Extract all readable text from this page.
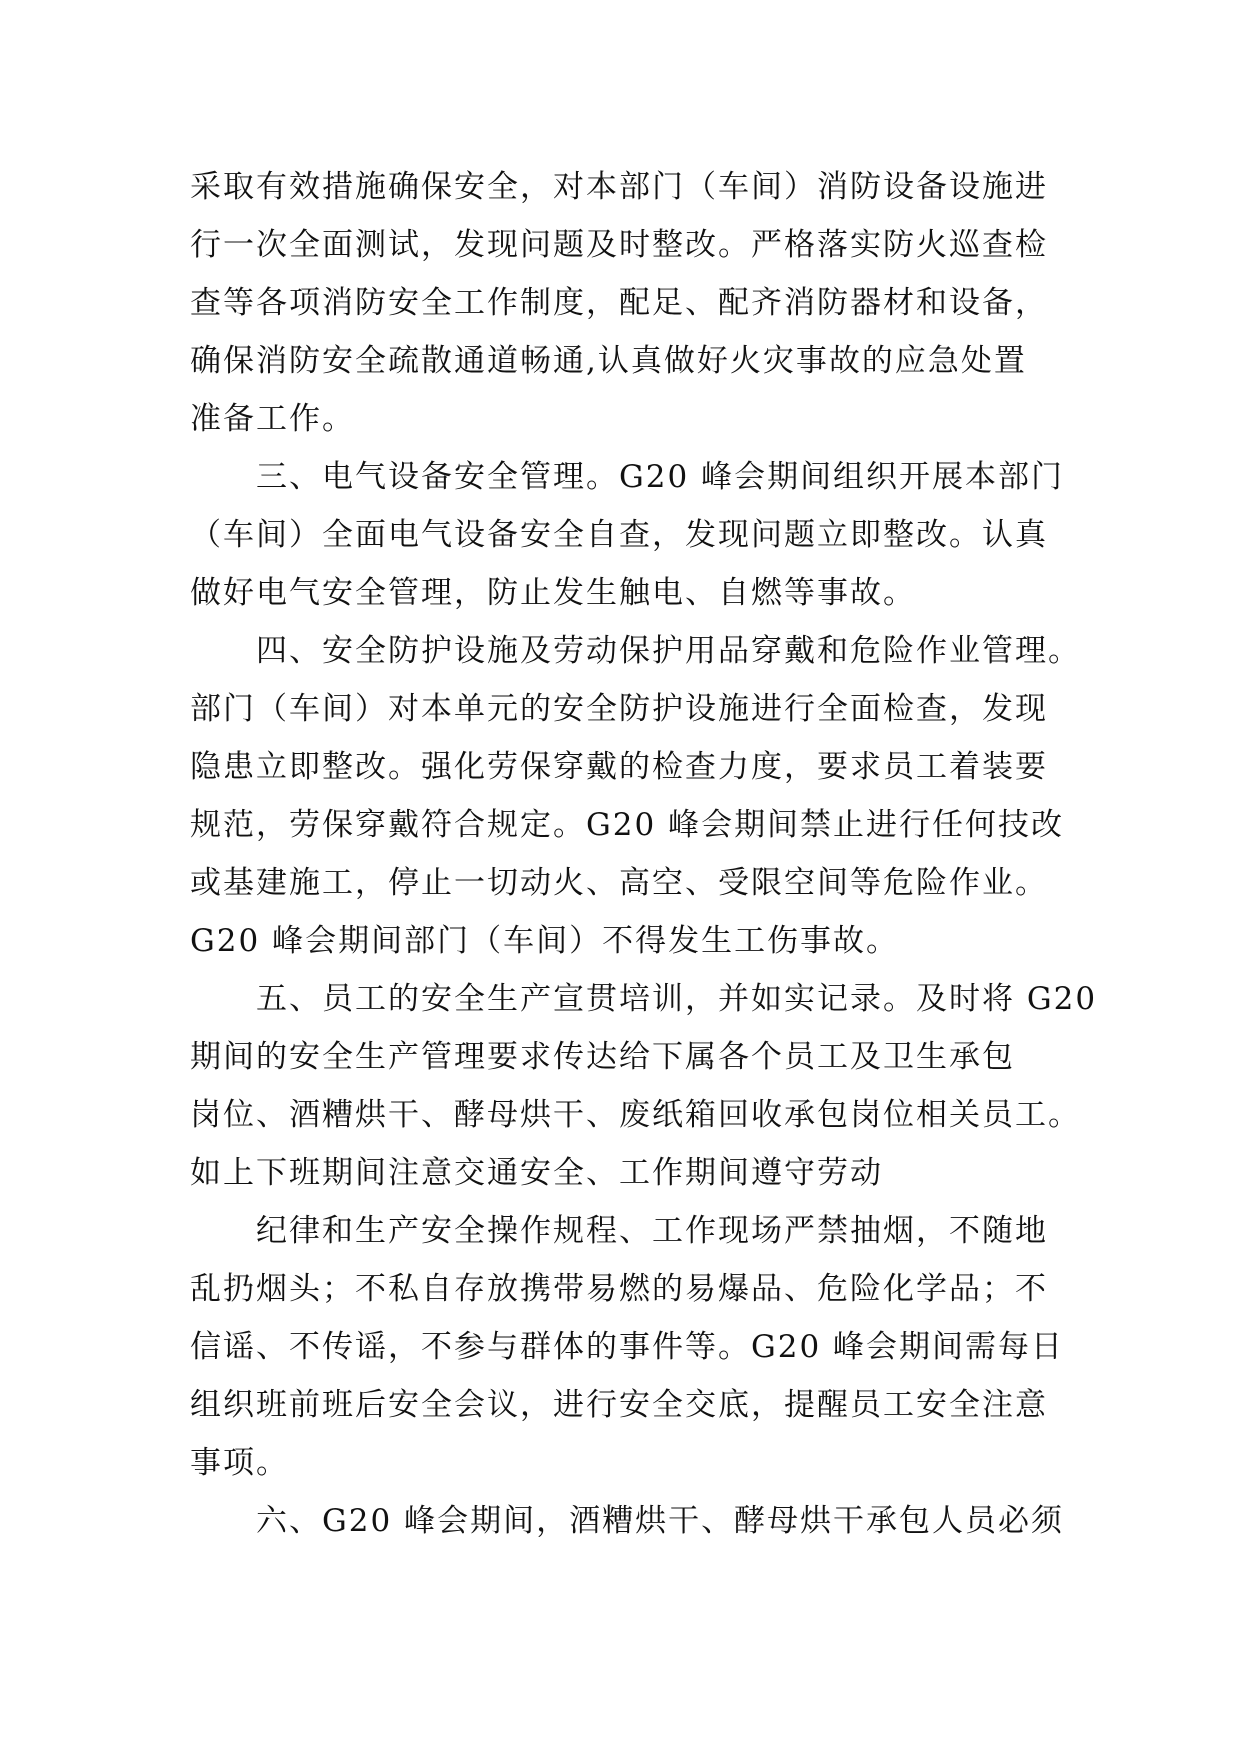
采取有效措施确保安全，对本部门（车间）消防设备设施进
行一次全面测试，发现问题及时整改。严格落实防火巡查检
查等各项消防安全工作制度，配足、配齐消防器材和设备，
确保消防安全疏散通道畅通,认真做好火灾事故的应急处置
准备工作。
三、电气设备安全管理。G20 峰会期间组织开展本部门
（车间）全面电气设备安全自查，发现问题立即整改。认真
做好电气安全管理，防止发生触电、自燃等事故。
四、安全防护设施及劳动保护用品穿戴和危险作业管理。
部门（车间）对本单元的安全防护设施进行全面检查，发现
隐患立即整改。强化劳保穿戴的检查力度，要求员工着装要
规范，劳保穿戴符合规定。G20 峰会期间禁止进行任何技改
或基建施工，停止一切动火、高空、受限空间等危险作业。
G20 峰会期间部门（车间）不得发生工伤事故。
五、员工的安全生产宣贯培训，并如实记录。及时将 G20
期间的安全生产管理要求传达给下属各个员工及卫生承包
岗位、酒糟烘干、酵母烘干、废纸箱回收承包岗位相关员工。
如上下班期间注意交通安全、工作期间遵守劳动
纪律和生产安全操作规程、工作现场严禁抽烟，不随地
乱扔烟头；不私自存放携带易燃的易爆品、危险化学品；不
信谣、不传谣，不参与群体的事件等。G20 峰会期间需每日
组织班前班后安全会议，进行安全交底，提醒员工安全注意
事项。
六、G20 峰会期间，酒糟烘干、酵母烘干承包人员必须
